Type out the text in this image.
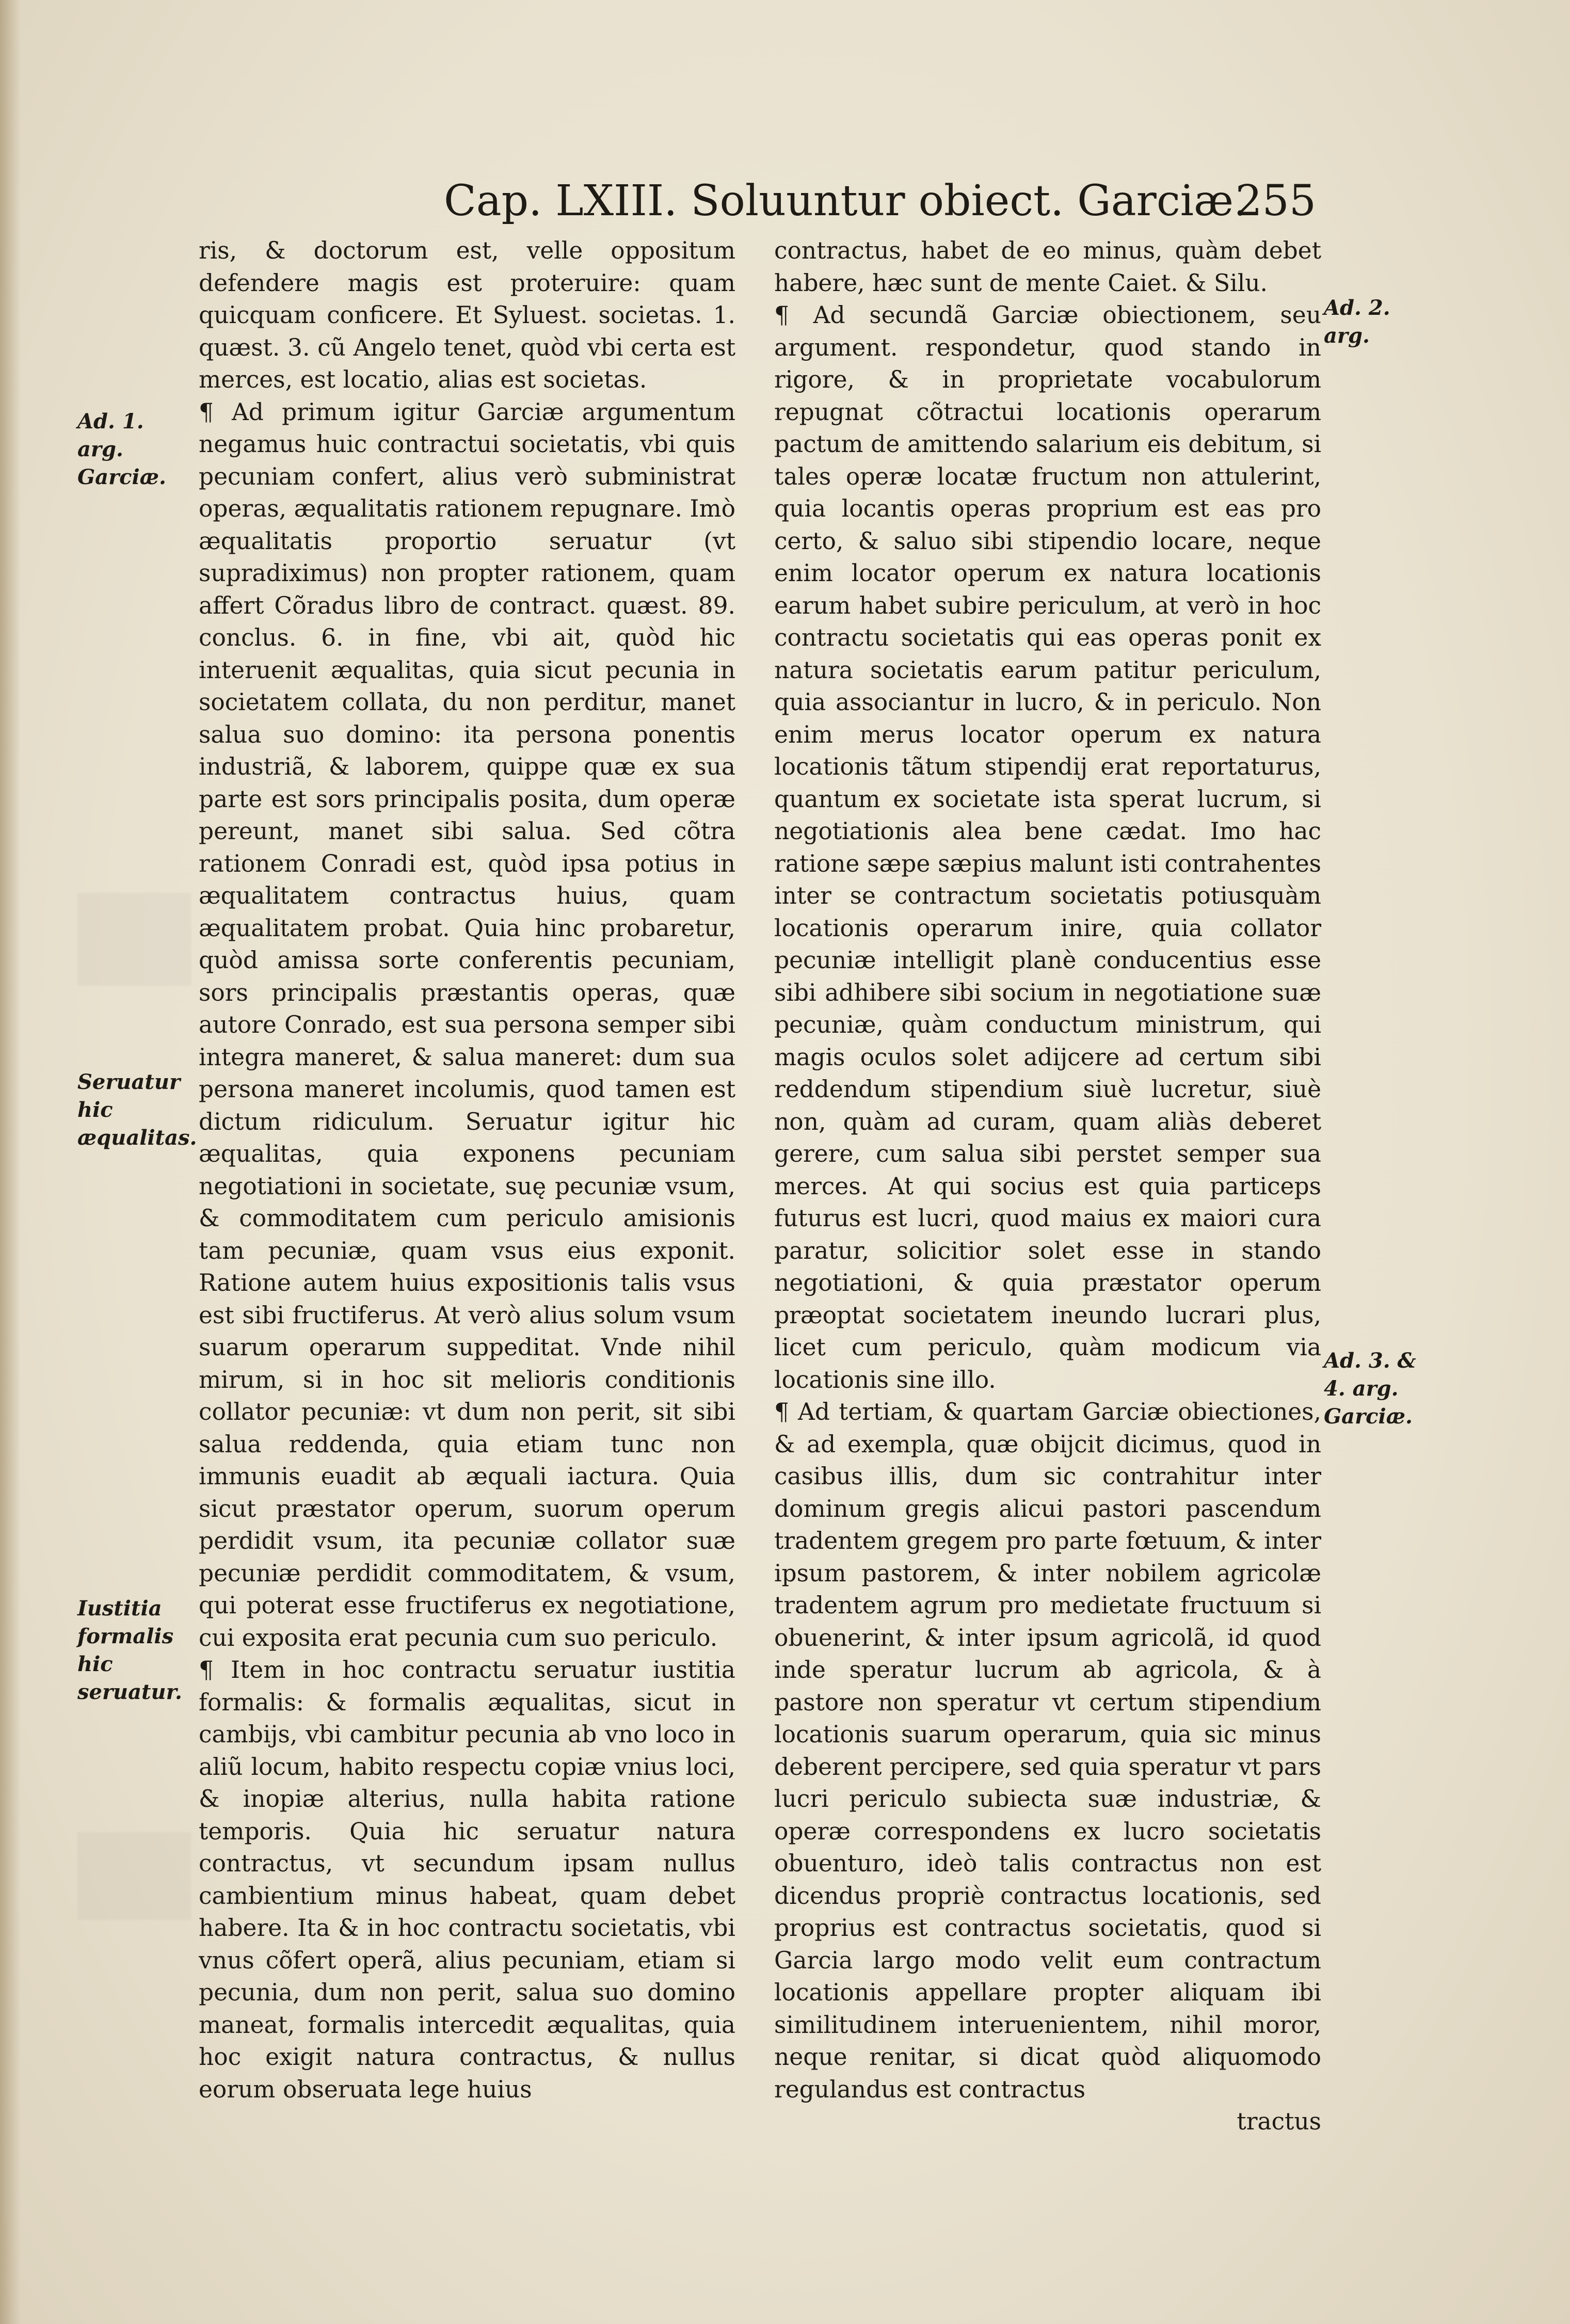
Cap. LXIII. Soluuntur obiect. Garciæ.
255

ris, & doctorum est, velle oppositum defendere magis est proteruire: quam quicquam conficere. Et Syluest. societas. 1. quæst. 3. cũ Angelo tenet, quòd vbi certa est merces, est locatio, alias est societas.

¶ Ad primum igitur Garciæ argumentum negamus huic contractui societatis, vbi quis pecuniam confert, alius verò subministrat operas, æqualitatis rationem repugnare. Imò æqualitatis proportio seruatur (vt supradiximus) non propter rationem, quam affert Cõradus libro de contract. quæst. 89. conclus. 6. in fine, vbi ait, quòd hic interuenit æqualitas, quia sicut pecunia in societatem collata, du non perditur, manet salua suo domino: ita persona ponentis industriã, & laborem, quippe quæ ex sua parte est sors principalis posita, dum operæ pereunt, manet sibi salua. Sed cõtra rationem Conradi est, quòd ipsa potius in æqualitatem contractus huius, quam æqualitatem probat. Quia hinc probaretur, quòd amissa sorte conferentis pecuniam, sors principalis præstantis operas, quæ autore Conrado, est sua persona semper sibi integra maneret, & salua maneret: dum sua persona maneret incolumis, quod tamen est dictum ridiculum. Seruatur igitur hic æqualitas, quia exponens pecuniam negotiationi in societate, suę pecuniæ vsum, & commoditatem cum periculo amisionis tam pecuniæ, quam vsus eius exponit. Ratione autem huius expositionis talis vsus est sibi fructiferus. At verò alius solum vsum suarum operarum suppeditat. Vnde nihil mirum, si in hoc sit melioris conditionis collator pecuniæ: vt dum non perit, sit sibi salua reddenda, quia etiam tunc non immunis euadit ab æquali iactura. Quia sicut præstator operum, suorum operum perdidit vsum, ita pecuniæ collator suæ pecuniæ perdidit commoditatem, & vsum, qui poterat esse fructiferus ex negotiatione, cui exposita erat pecunia cum suo periculo.

¶ Item in hoc contractu seruatur iustitia formalis: & formalis æqualitas, sicut in cambijs, vbi cambitur pecunia ab vno loco in aliũ locum, habito respectu copiæ vnius loci, & inopiæ alterius, nulla habita ratione temporis. Quia hic seruatur natura contractus, vt secundum ipsam nullus cambientium minus habeat, quam debet habere. Ita & in hoc contractu societatis, vbi vnus cõfert operã, alius pecuniam, etiam si pecunia, dum non perit, salua suo domino maneat, formalis intercedit æqualitas, quia hoc exigit natura contractus, & nullus eorum obseruata lege huius

contractus, habet de eo minus, quàm debet habere, hæc sunt de mente Caiet. & Silu.

¶ Ad secundã Garciæ obiectionem, seu argument. respondetur, quod stando in rigore, & in proprietate vocabulorum repugnat cõtractui locationis operarum pactum de amittendo salarium eis debitum, si tales operæ locatæ fructum non attulerint, quia locantis operas proprium est eas pro certo, & saluo sibi stipendio locare, neque enim locator operum ex natura locationis earum habet subire periculum, at verò in hoc contractu societatis qui eas operas ponit ex natura societatis earum patitur periculum, quia associantur in lucro, & in periculo. Non enim merus locator operum ex natura locationis tãtum stipendij erat reportaturus, quantum ex societate ista sperat lucrum, si negotiationis alea bene cædat. Imo hac ratione sæpe sæpius malunt isti contrahentes inter se contractum societatis potiusquàm locationis operarum inire, quia collator pecuniæ intelligit planè conducentius esse sibi adhibere sibi socium in negotiatione suæ pecuniæ, quàm conductum ministrum, qui magis oculos solet adijcere ad certum sibi reddendum stipendium siuè lucretur, siuè non, quàm ad curam, quam aliàs deberet gerere, cum salua sibi perstet semper sua merces. At qui socius est quia particeps futurus est lucri, quod maius ex maiori cura paratur, solicitior solet esse in stando negotiationi, & quia præstator operum præoptat societatem ineundo lucrari plus, licet cum periculo, quàm modicum via locationis sine illo.

¶ Ad tertiam, & quartam Garciæ obiectiones, & ad exempla, quæ obijcit dicimus, quod in casibus illis, dum sic contrahitur inter dominum gregis alicui pastori pascendum tradentem gregem pro parte fœtuum, & inter ipsum pastorem, & inter nobilem agricolæ tradentem agrum pro medietate fructuum si obuenerint, & inter ipsum agricolã, id quod inde speratur lucrum ab agricola, & à pastore non speratur vt certum stipendium locationis suarum operarum, quia sic minus deberent percipere, sed quia speratur vt pars lucri periculo subiecta suæ industriæ, & operæ correspondens ex lucro societatis obuenturo, ideò talis contractus non est dicendus propriè contractus locationis, sed proprius est contractus societatis, quod si Garcia largo modo velit eum contractum locationis appellare propter aliquam ibi similitudinem interuenientem, nihil moror, neque renitar, si dicat quòd aliquomodo regulandus est contractus

tractus

Ad. 1. arg. Garciæ.
Seruatur hic æqualitas.
Iustitia formalis hic seruatur.
Ad. 2. arg.
Ad. 3. & 4. arg. Garciæ.
